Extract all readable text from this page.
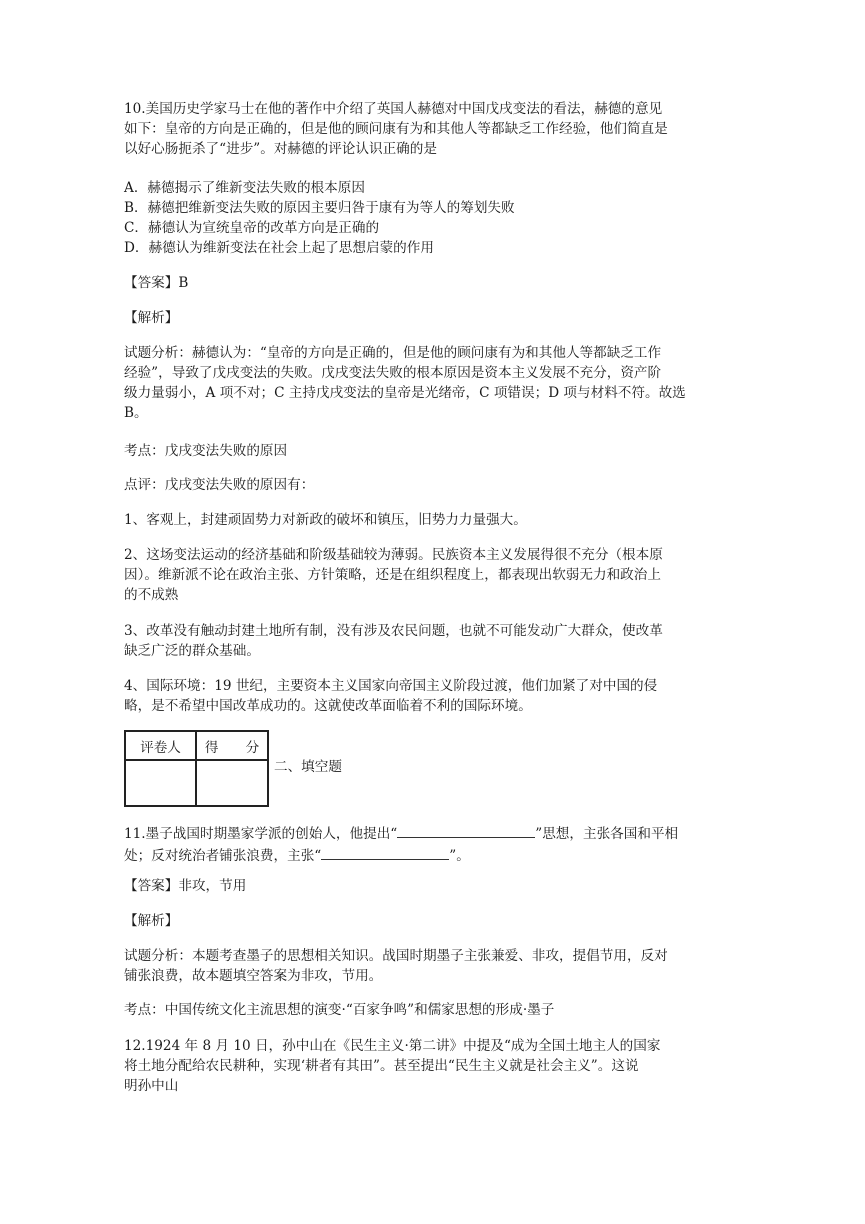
10.美国历史学家马士在他的著作中介绍了英国人赫德对中国戊戌变法的看法，赫德的意见

如下：皇帝的方向是正确的，但是他的顾问康有为和其他人等都缺乏工作经验，他们简直是

以好心肠扼杀了“进步”。对赫德的评论认识正确的是

A．赫德揭示了维新变法失败的根本原因

B．赫德把维新变法失败的原因主要归咎于康有为等人的筹划失败

C．赫德认为宣统皇帝的改革方向是正确的

D．赫德认为维新变法在社会上起了思想启蒙的作用

【答案】B
【解析】

试题分析：赫德认为：“皇帝的方向是正确的，但是他的顾问康有为和其他人等都缺乏工作

经验”，导致了戊戌变法的失败。戊戌变法失败的根本原因是资本主义发展不充分，资产阶

级力量弱小，A 项不对；C 主持戊戌变法的皇帝是光绪帝，C 项错误；D 项与材料不符。故选

B。

考点：戊戌变法失败的原因
点评：戊戌变法失败的原因有：

1、客观上，封建顽固势力对新政的破坏和镇压，旧势力力量强大。

2、这场变法运动的经济基础和阶级基础较为薄弱。民族资本主义发展得很不充分（根本原

因）。维新派不论在政治主张、方针策略，还是在组织程度上，都表现出软弱无力和政治上

的不成熟

3、改革没有触动封建土地所有制，没有涉及农民问题，也就不可能发动广大群众，使改革

缺乏广泛的群众基础。

4、国际环境：19 世纪，主要资本主义国家向帝国主义阶段过渡，他们加紧了对中国的侵

略，是不希望中国改革成功的。这就使改革面临着不利的国际环境。

评卷人	得　　分

二、填空题

11.墨子战国时期墨家学派的创始人，他提出“	”思想，主张各国和平相

处；反对统治者铺张浪费，主张“	”。

【答案】非攻，节用
【解析】

试题分析：本题考查墨子的思想相关知识。战国时期墨子主张兼爱、非攻，提倡节用，反对

铺张浪费，故本题填空答案为非攻，节用。

考点：中国传统文化主流思想的演变·“百家争鸣”和儒家思想的形成·墨子

12.1924 年 8 月 10 日，孙中山在《民生主义·第二讲》中提及“成为全国土地主人的国家

将土地分配给农民耕种，实现‘耕者有其田”。甚至提出“民生主义就是社会主义”。这说

明孙中山
